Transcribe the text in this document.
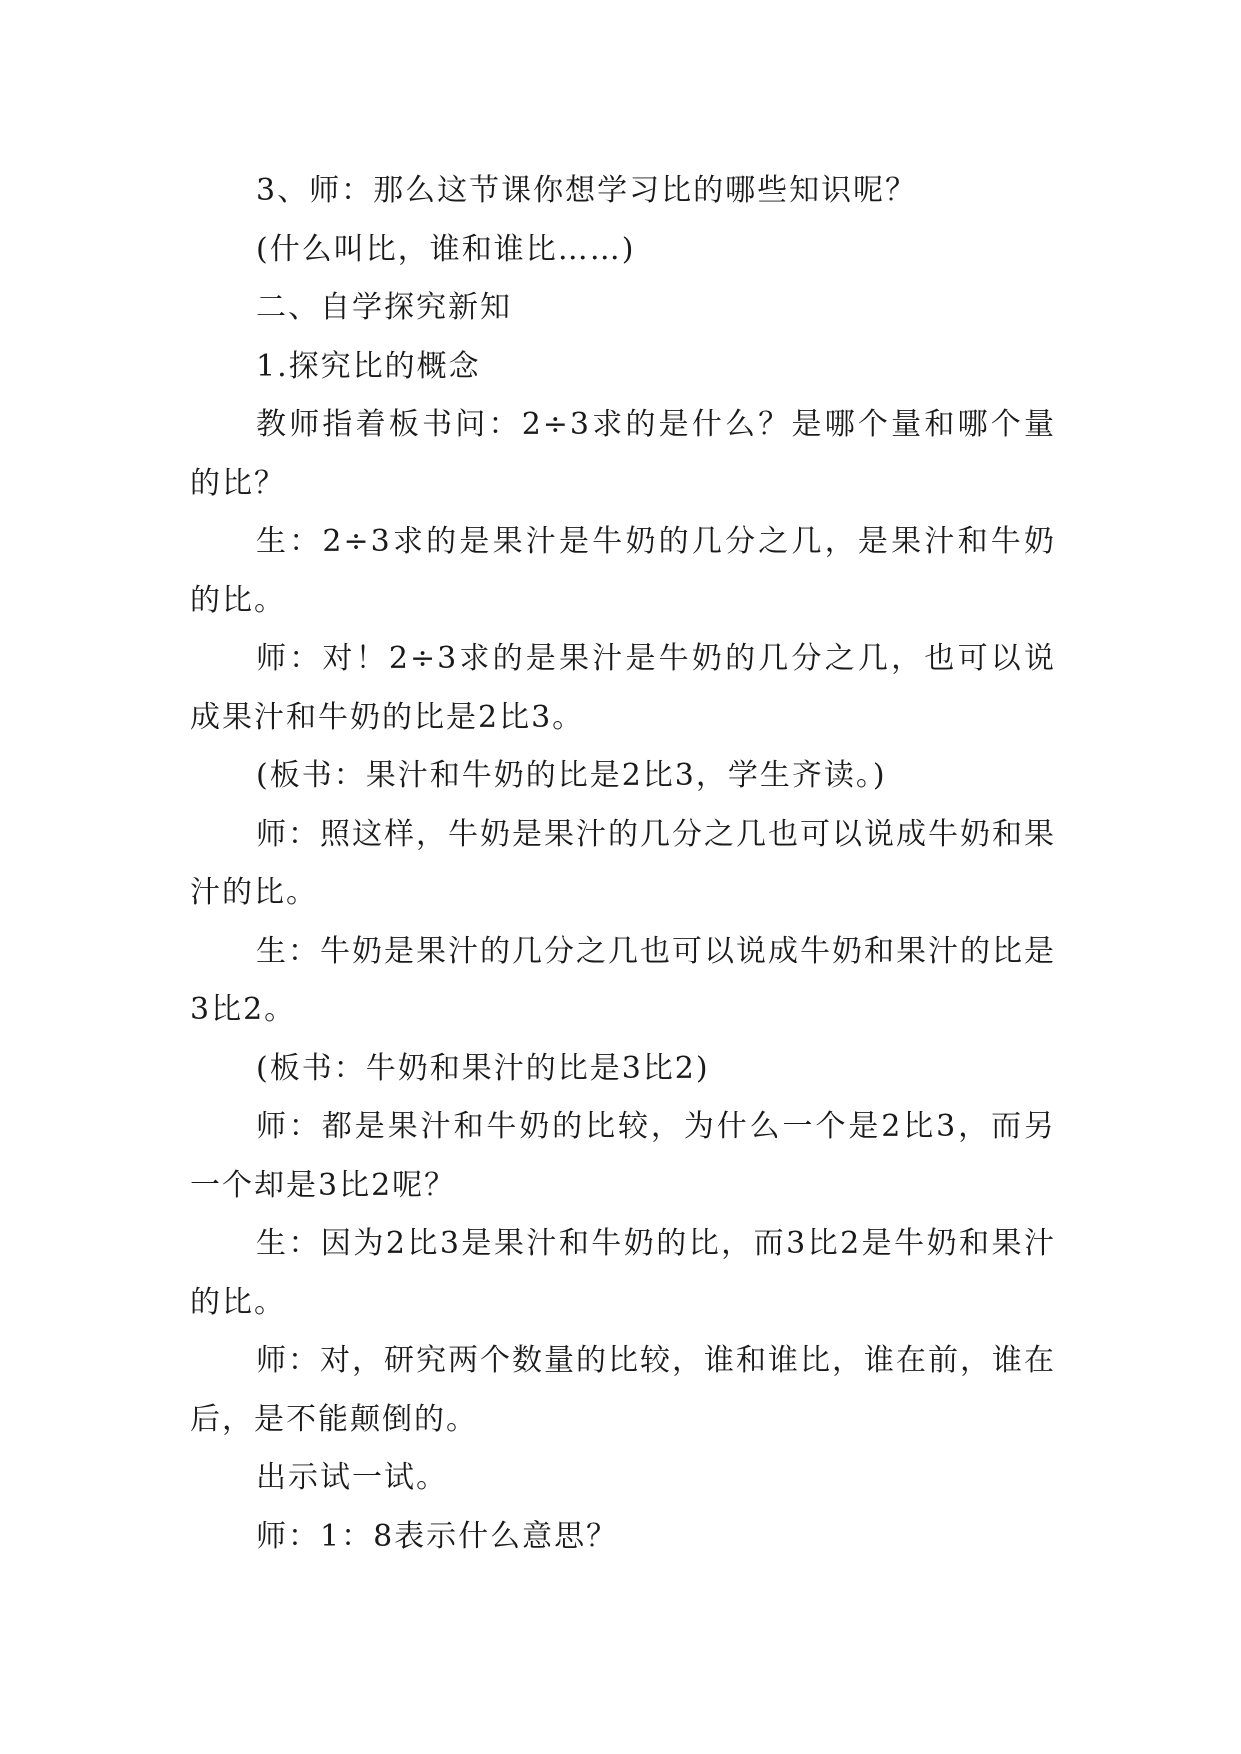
3、师：那么这节课你想学习比的哪些知识呢？

(什么叫比，谁和谁比……)

二、自学探究新知

1.探究比的概念

教师指着板书问：2÷3求的是什么？是哪个量和哪个量的比？

生：2÷3求的是果汁是牛奶的几分之几，是果汁和牛奶的比。

师：对！2÷3求的是果汁是牛奶的几分之几，也可以说成果汁和牛奶的比是2比3。

(板书：果汁和牛奶的比是2比3，学生齐读。)

师：照这样，牛奶是果汁的几分之几也可以说成牛奶和果汁的比。

生：牛奶是果汁的几分之几也可以说成牛奶和果汁的比是3比2。

(板书：牛奶和果汁的比是3比2)

师：都是果汁和牛奶的比较，为什么一个是2比3，而另一个却是3比2呢？

生：因为2比3是果汁和牛奶的比，而3比2是牛奶和果汁的比。

师：对，研究两个数量的比较，谁和谁比，谁在前，谁在后，是不能颠倒的。

出示试一试。

师：1：8表示什么意思？
